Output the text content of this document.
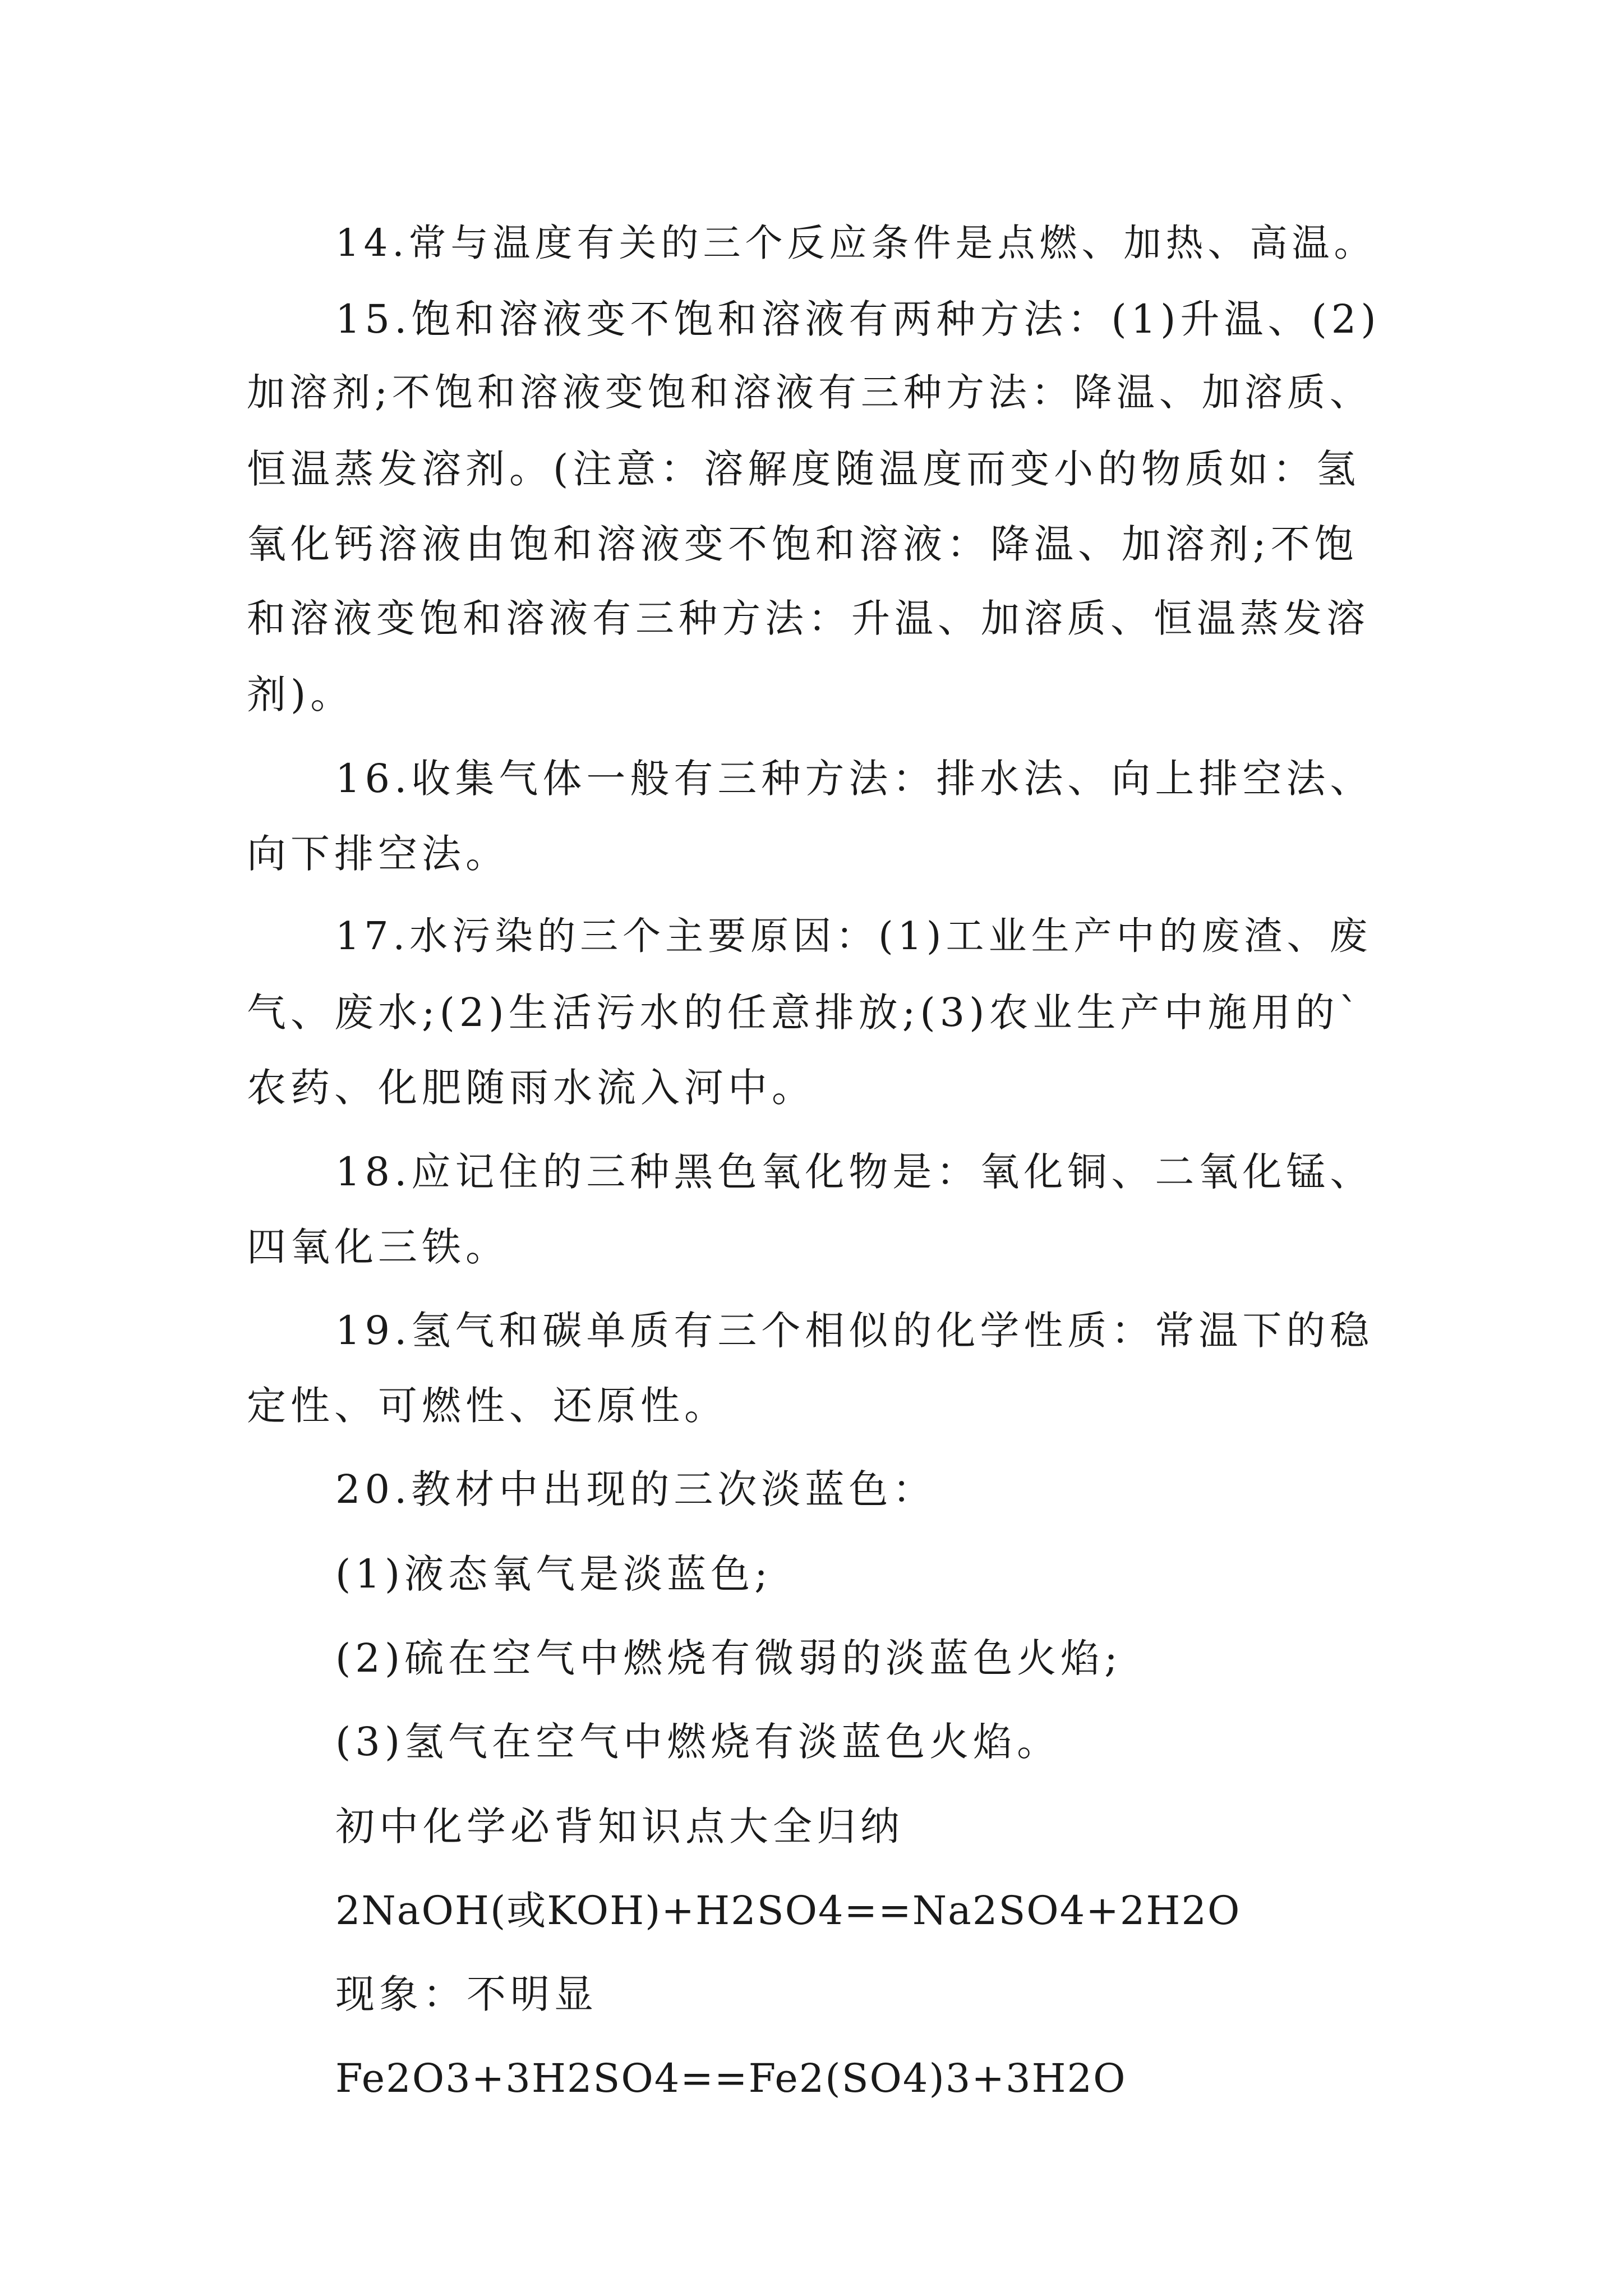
14.常与温度有关的三个反应条件是点燃、加热、高温。

15.饱和溶液变不饱和溶液有两种方法：(1)升温、(2)

加溶剂;不饱和溶液变饱和溶液有三种方法：降温、加溶质、

恒温蒸发溶剂。(注意：溶解度随温度而变小的物质如：氢

氧化钙溶液由饱和溶液变不饱和溶液：降温、加溶剂;不饱

和溶液变饱和溶液有三种方法：升温、加溶质、恒温蒸发溶

剂)。

16.收集气体一般有三种方法：排水法、向上排空法、

向下排空法。

17.水污染的三个主要原因：(1)工业生产中的废渣、废

气、废水;(2)生活污水的任意排放;(3)农业生产中施用的`

农药、化肥随雨水流入河中。

18.应记住的三种黑色氧化物是：氧化铜、二氧化锰、

四氧化三铁。

19.氢气和碳单质有三个相似的化学性质：常温下的稳

定性、可燃性、还原性。

20.教材中出现的三次淡蓝色：

(1)液态氧气是淡蓝色;

(2)硫在空气中燃烧有微弱的淡蓝色火焰;

(3)氢气在空气中燃烧有淡蓝色火焰。

初中化学必背知识点大全归纳

2NaOH(或KOH)+H2SO4==Na2SO4+2H2O

现象：不明显

Fe2O3+3H2SO4==Fe2(SO4)3+3H2O
